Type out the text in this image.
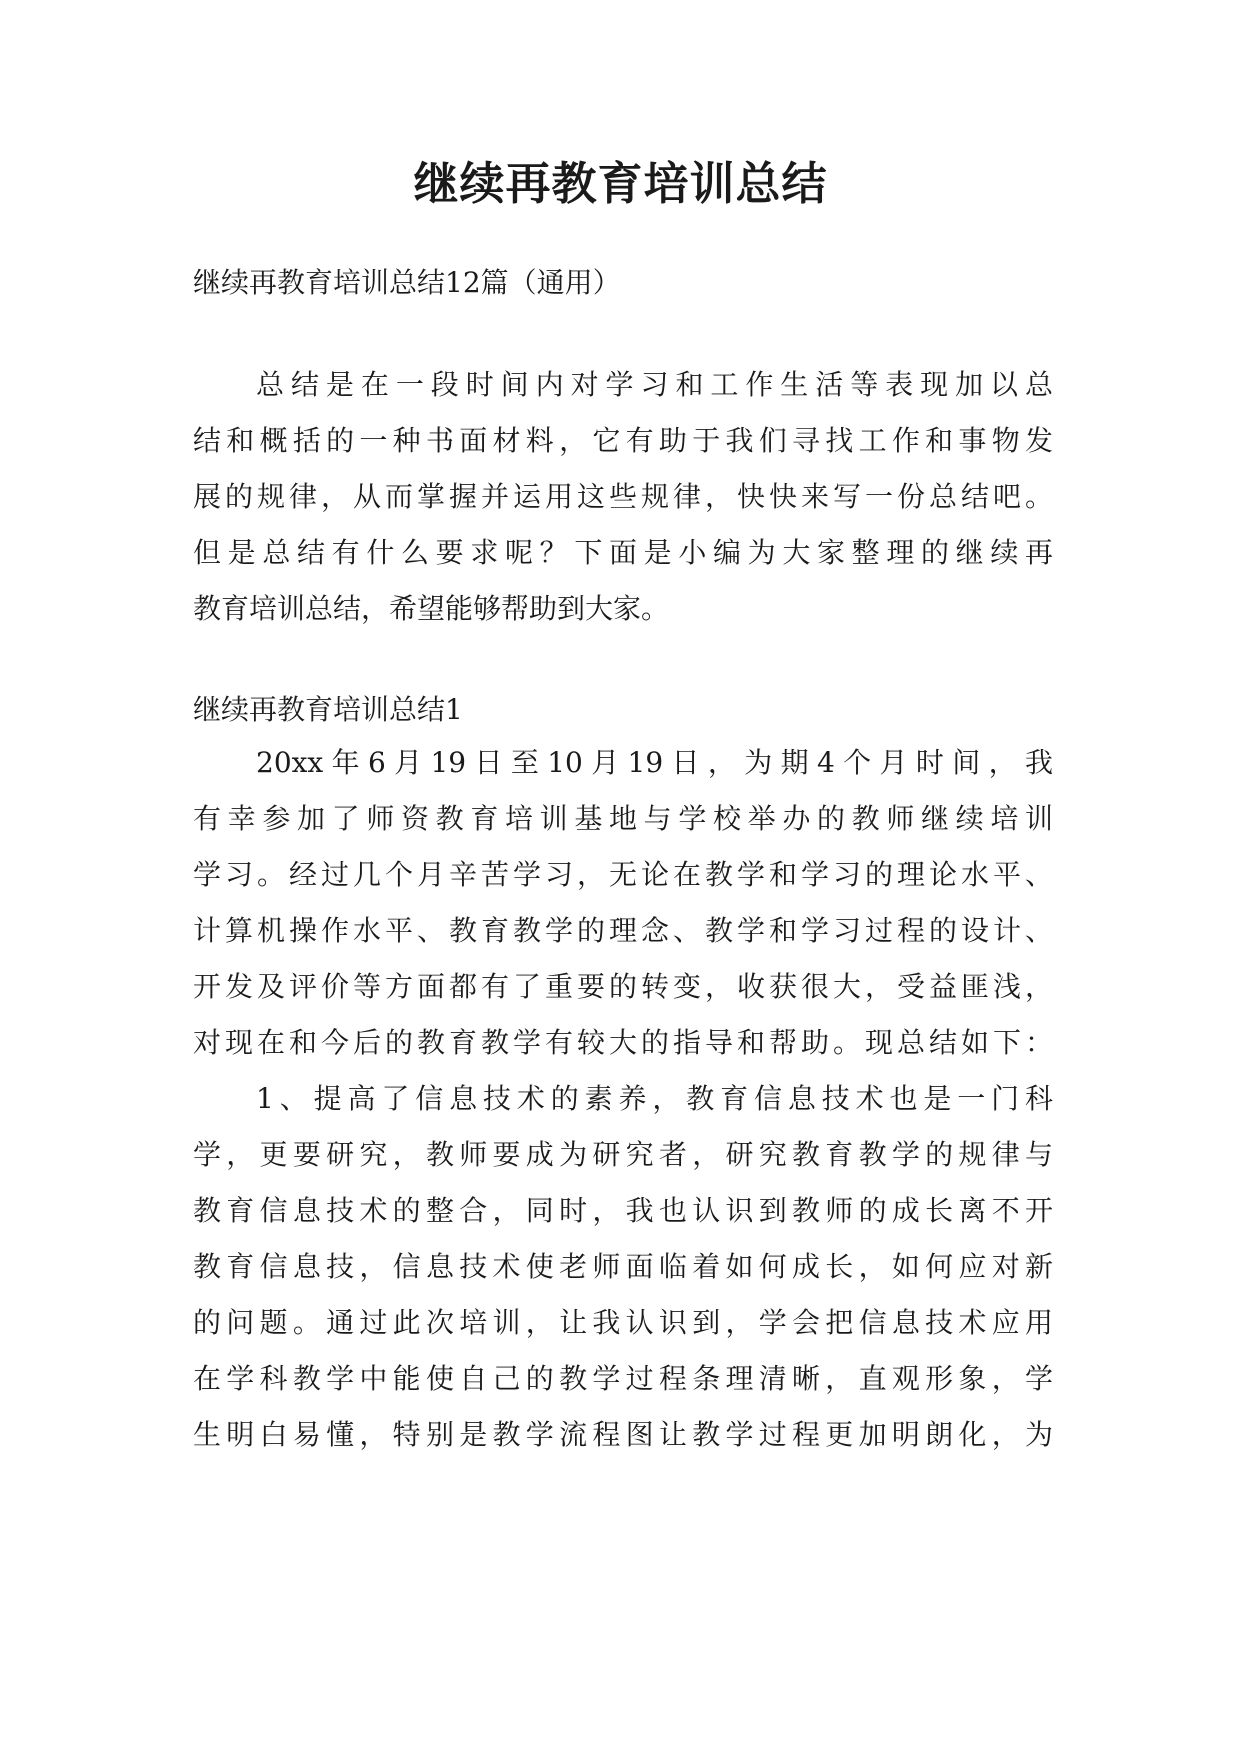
继续再教育培训总结
继续再教育培训总结12篇（通用）
总结是在一段时间内对学习和工作生活等表现加以总
结和概括的一种书面材料，它有助于我们寻找工作和事物发
展的规律，从而掌握并运用这些规律，快快来写一份总结吧。
但是总结有什么要求呢？下面是小编为大家整理的继续再
教育培训总结，希望能够帮助到大家。
继续再教育培训总结1
20xx年6月19日至10月19日，为期4个月时间，我
有幸参加了师资教育培训基地与学校举办的教师继续培训
学习。经过几个月辛苦学习，无论在教学和学习的理论水平、
计算机操作水平、教育教学的理念、教学和学习过程的设计、
开发及评价等方面都有了重要的转变，收获很大，受益匪浅，
对现在和今后的教育教学有较大的指导和帮助。现总结如下：
1、提高了信息技术的素养，教育信息技术也是一门科
学，更要研究，教师要成为研究者，研究教育教学的规律与
教育信息技术的整合，同时，我也认识到教师的成长离不开
教育信息技，信息技术使老师面临着如何成长，如何应对新
的问题。通过此次培训，让我认识到，学会把信息技术应用
在学科教学中能使自己的教学过程条理清晰，直观形象，学
生明白易懂，特别是教学流程图让教学过程更加明朗化，为
